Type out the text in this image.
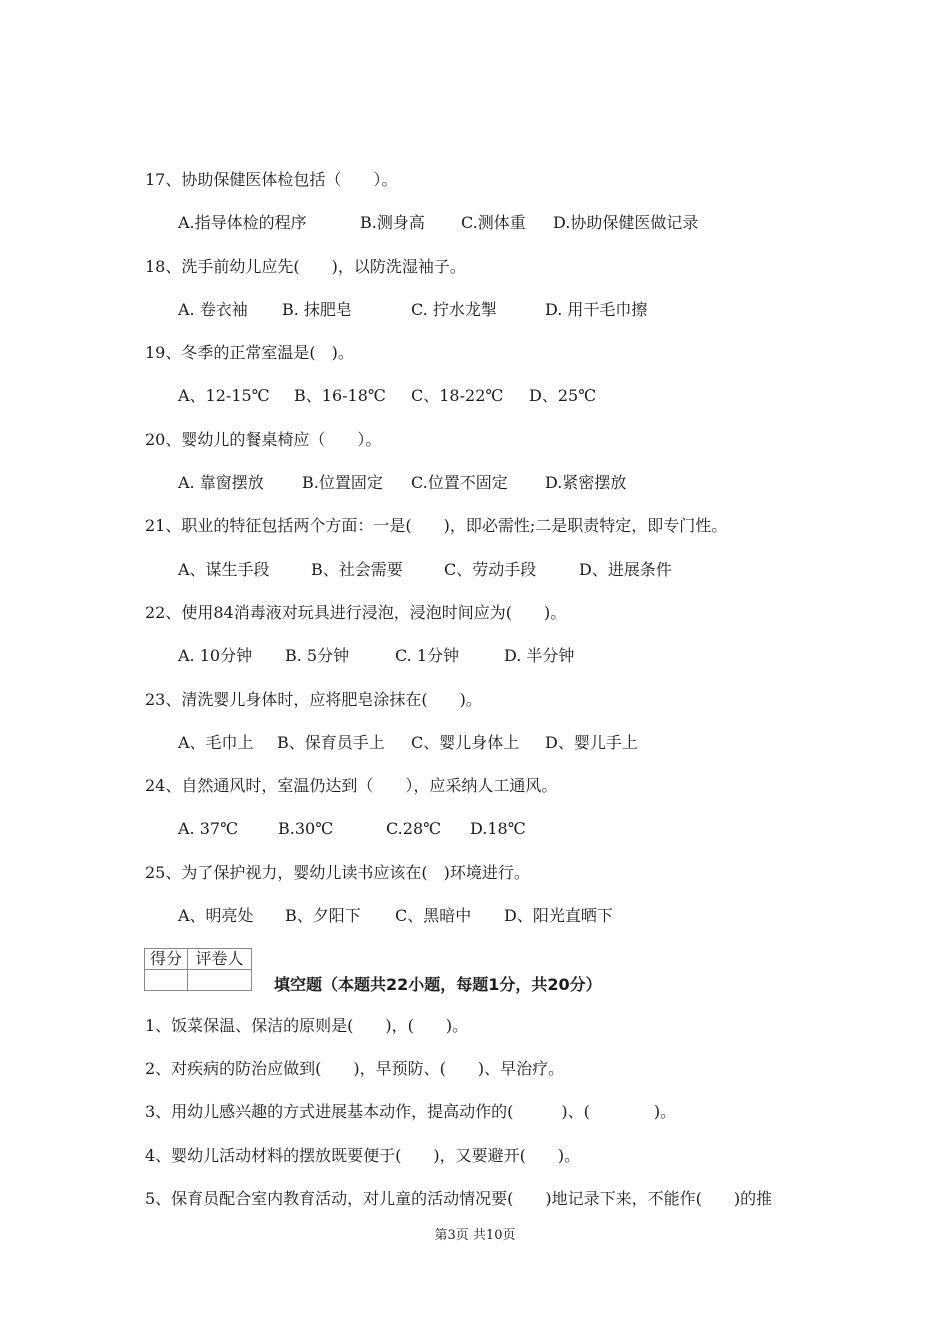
17、协助保健医体检包括（　　）。
A.指导体检的程序	B.测身高 C.测体重 D.协助保健医做记录
18、洗手前幼儿应先(　　)，以防洗湿袖子。
A. 卷衣袖 B. 抹肥皂	C. 拧水龙掣	D. 用干毛巾擦
19、冬季的正常室温是(　)。
A、12-15℃ B、16-18℃ C、18-22℃ D、25℃
20、婴幼儿的餐桌椅应（　　）。
A. 靠窗摆放 B.位置固定 C.位置不固定 D.紧密摆放
21、职业的特征包括两个方面：一是(　　)，即必需性;二是职责特定，即专门性。
A、谋生手段	B、社会需要	C、劳动手段	D、进展条件
22、使用84消毒液对玩具进行浸泡，浸泡时间应为(　　)。
A. 10分钟 B. 5分钟	C. 1分钟	D. 半分钟
23、清洗婴儿身体时，应将肥皂涂抹在(　　)。
A、毛巾上 B、保育员手上 C、婴儿身体上 D、婴儿手上
24、自然通风时，室温仍达到（　　），应采纳人工通风。
A. 37℃	B.30℃	C.28℃ D.18℃
25、为了保护视力，婴幼儿读书应该在(　)环境进行。
A、明亮处 B、夕阳下 C、黑暗中 D、阳光直晒下
得分	评卷人

填空题（本题共22小题，每题1分，共20分）
1、饭菜保温、保洁的原则是(　　)，(　　)。
2、对疾病的防治应做到(　　)，早预防、(　　)、早治疗。
3、用幼儿感兴趣的方式进展基本动作，提高动作的(　　　)、(　　　　)。
4、婴幼儿活动材料的摆放既要便于(　　)，又要避开(　　)。
5、保育员配合室内教育活动，对儿童的活动情况要(　　)地记录下来，不能作(　　)的推
第3页 共10页
